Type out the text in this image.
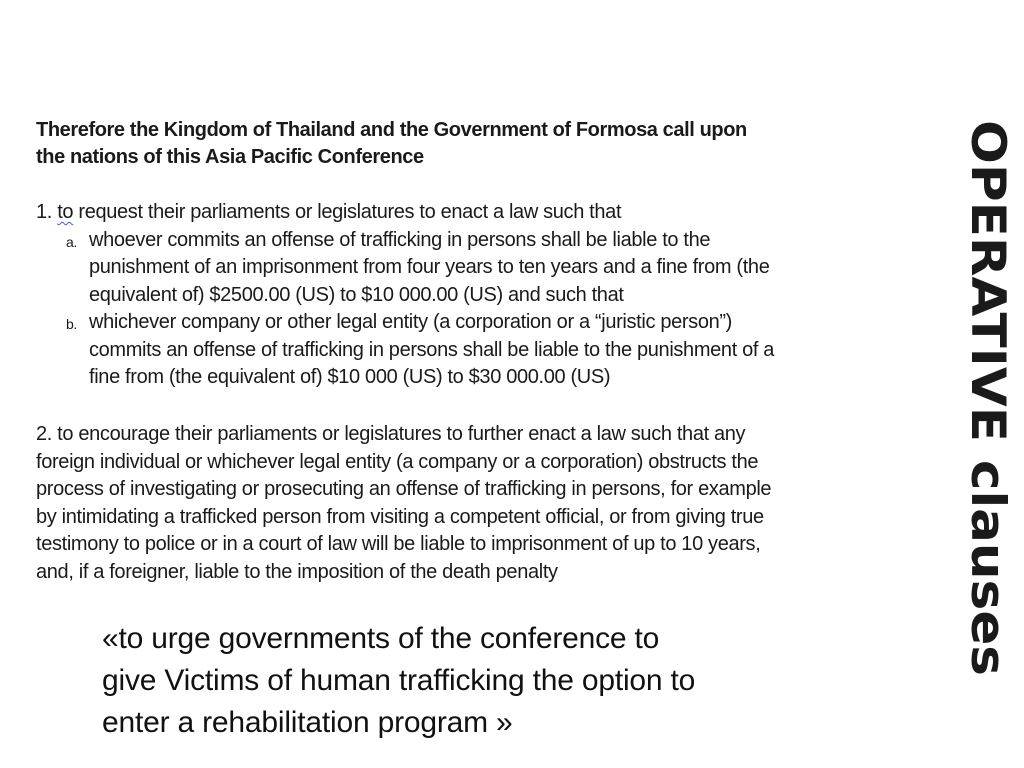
Therefore the Kingdom of Thailand and the Government of Formosa call upon
the nations of this Asia Pacific Conference
1. to request their parliaments or legislatures to enact a law such that
a. whoever commits an offense of trafficking in persons shall be liable to the
punishment of an imprisonment from four years to ten years and a fine from (the
equivalent of) $2500.00 (US) to $10 000.00 (US) and such that
b. whichever company or other legal entity (a corporation or a “juristic person”)
commits an offense of trafficking in persons shall be liable to the punishment of a
fine from (the equivalent of) $10 000 (US) to $30 000.00 (US)
2. to encourage their parliaments or legislatures to further enact a law such that any
foreign individual or whichever legal entity (a company or a corporation) obstructs the
process of investigating or prosecuting an offense of trafficking in persons, for example
by intimidating a trafficked person from visiting a competent official, or from giving true
testimony to police or in a court of law will be liable to imprisonment of up to 10 years,
and, if a foreigner, liable to the imposition of the death penalty
«to urge governments of the conference to
give Victims of human trafficking the option to
enter a rehabilitation program »
OPERATIVE clauses
